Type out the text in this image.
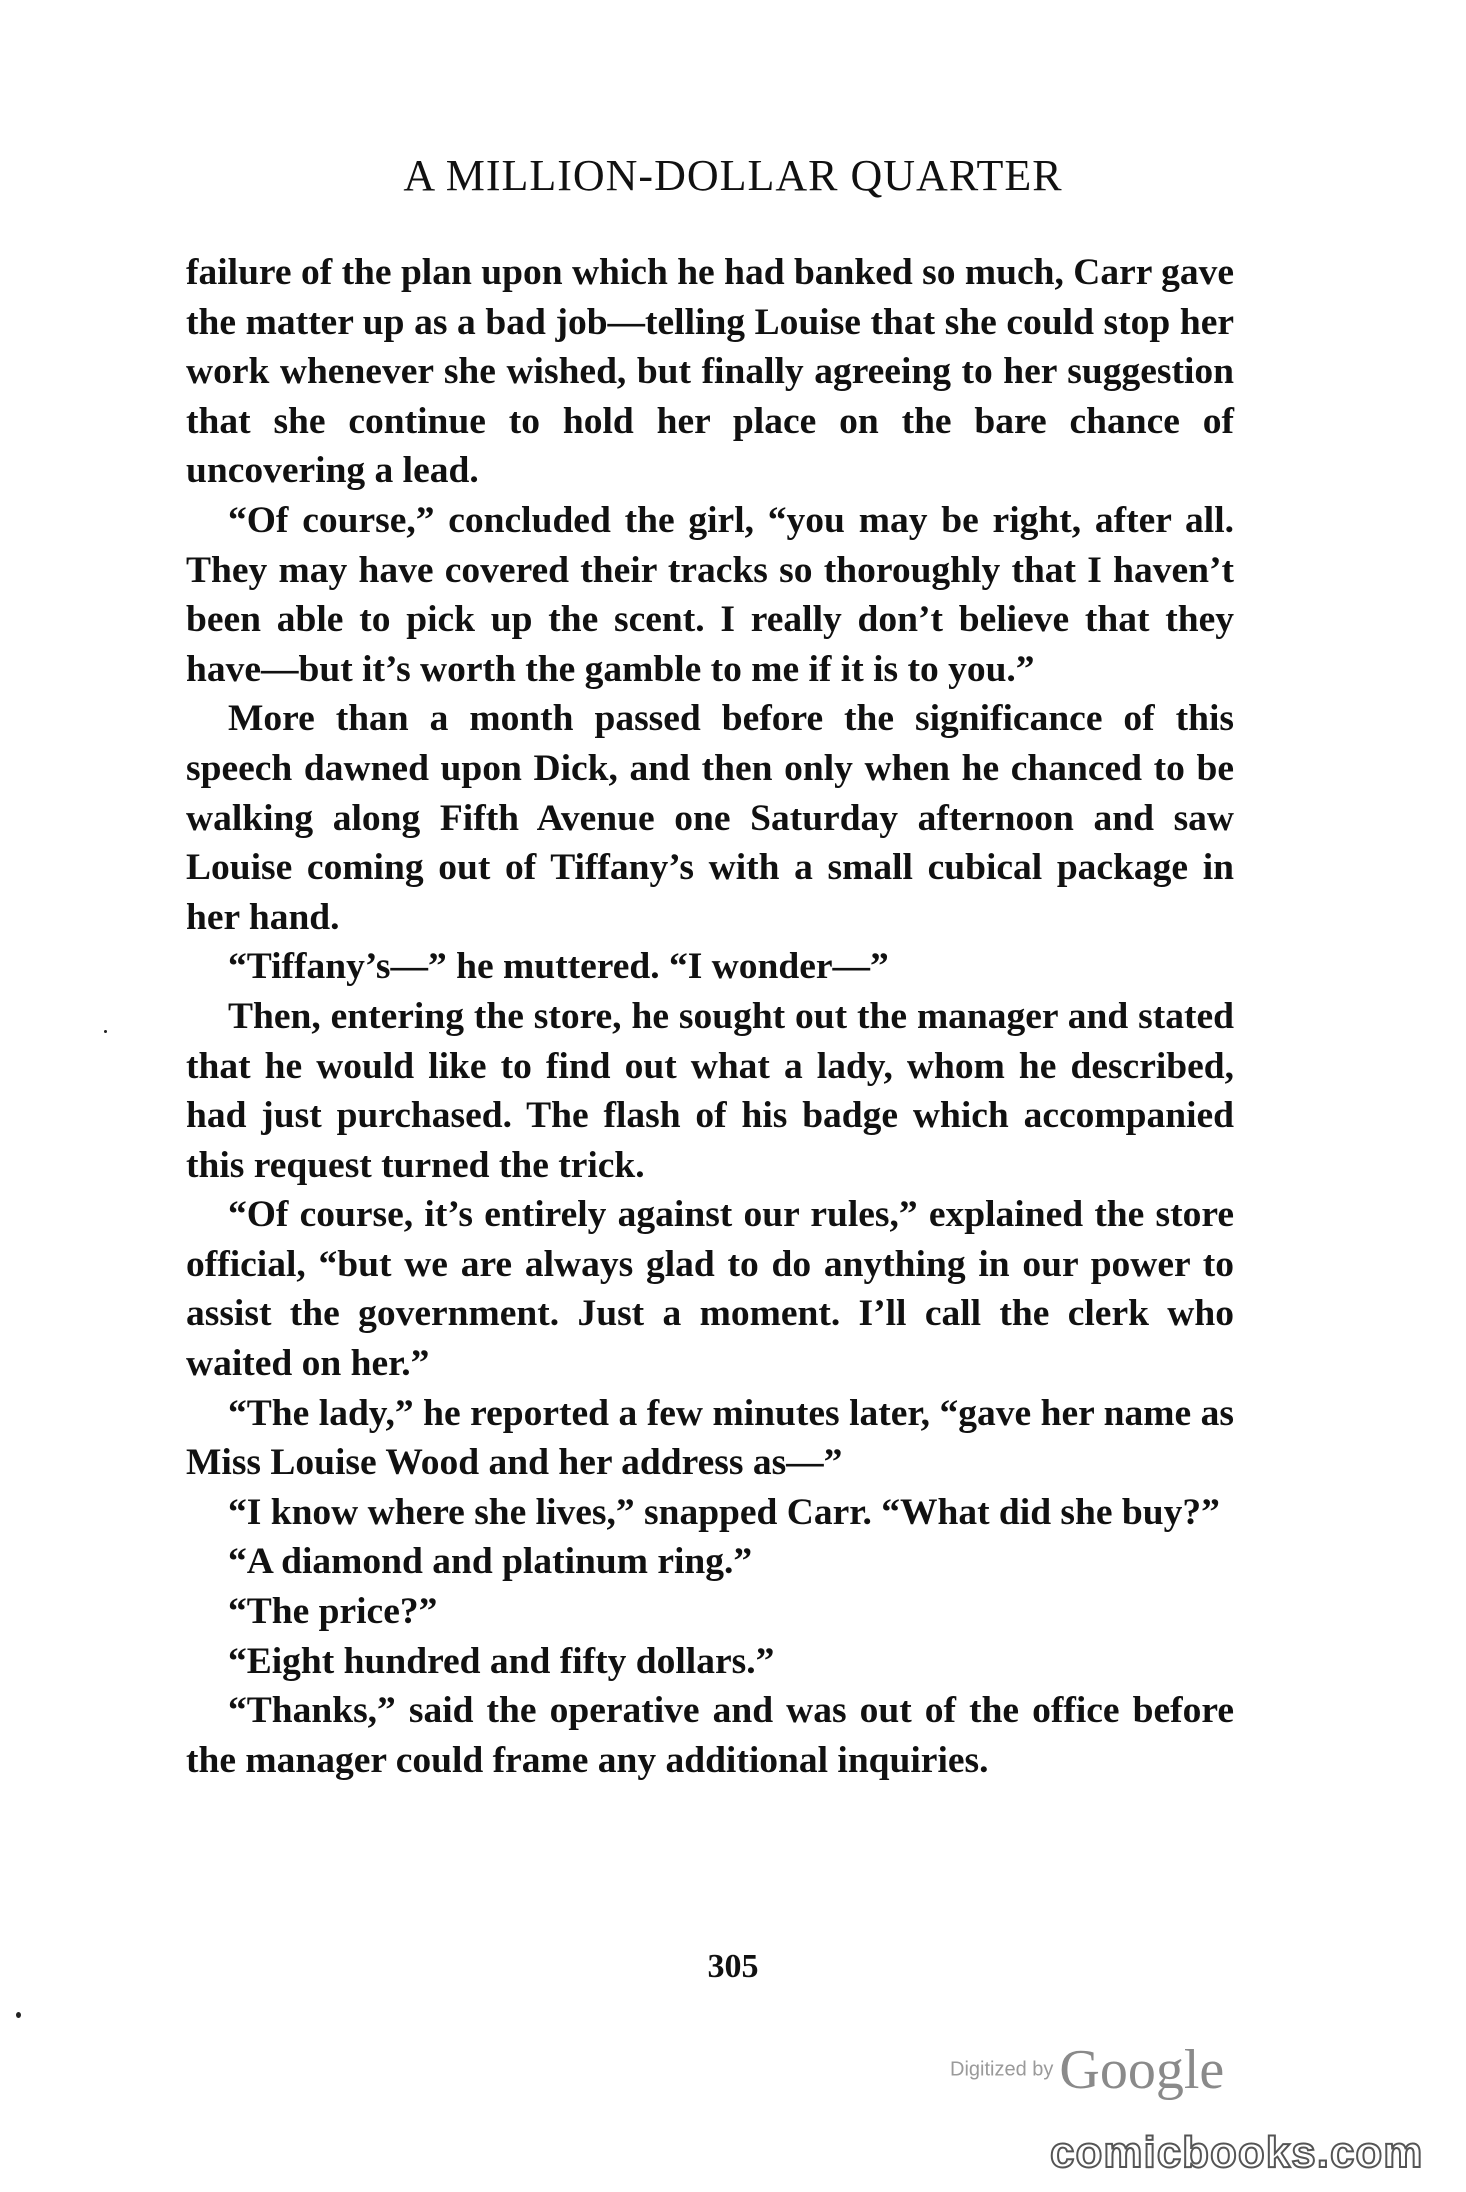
A MILLION-DOLLAR QUARTER

failure of the plan upon which he had banked so much, Carr gave the matter up as a bad job—telling Louise that she could stop her work whenever she wished, but finally agreeing to her suggestion that she continue to hold her place on the bare chance of uncovering a lead.

“Of course,” concluded the girl, “you may be right, after all. They may have covered their tracks so thoroughly that I haven’t been able to pick up the scent. I really don’t believe that they have—but it’s worth the gamble to me if it is to you.”

More than a month passed before the significance of this speech dawned upon Dick, and then only when he chanced to be walking along Fifth Avenue one Saturday afternoon and saw Louise coming out of Tiffany’s with a small cubical package in her hand.

“Tiffany’s—” he muttered. “I wonder—”

Then, entering the store, he sought out the manager and stated that he would like to find out what a lady, whom he described, had just purchased. The flash of his badge which accompanied this request turned the trick.

“Of course, it’s entirely against our rules,” explained the store official, “but we are always glad to do anything in our power to assist the government. Just a moment. I’ll call the clerk who waited on her.”

“The lady,” he reported a few minutes later, “gave her name as Miss Louise Wood and her address as—”

“I know where she lives,” snapped Carr. “What did she buy?”

“A diamond and platinum ring.”

“The price?”

“Eight hundred and fifty dollars.”

“Thanks,” said the operative and was out of the office before the manager could frame any additional inquiries.

305
Digitized by Google
comicbooks.com
